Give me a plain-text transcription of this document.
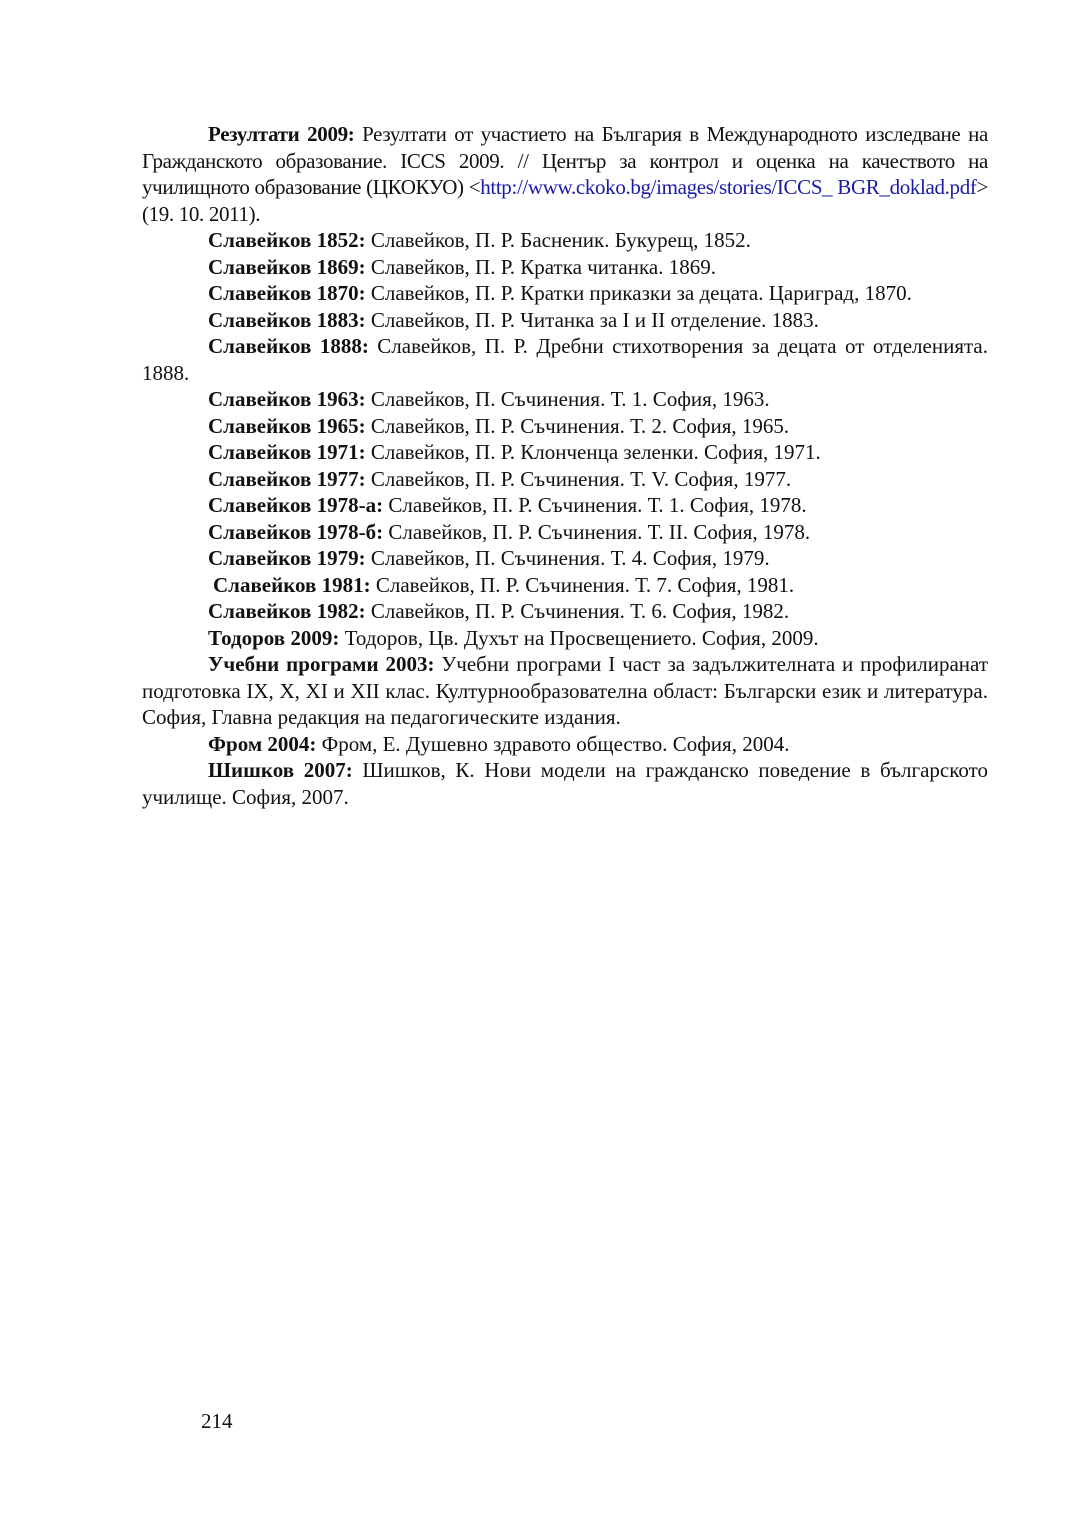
Резултати 2009: Резултати от участието на България в Международното изследване на Гражданското образование. ICCS 2009. // Център за контрол и оценка на качеството на училищното образование (ЦКОКУО) <http://www.ckoko.bg/images/stories/ICCS_ BGR_doklad.pdf> (19. 10. 2011).

Славейков 1852: Славейков, П. Р. Басненик. Букурещ, 1852.

Славейков 1869: Славейков, П. Р. Кратка читанка. 1869.

Славейков 1870: Славейков, П. Р. Кратки приказки за децата. Цариград, 1870.

Славейков 1883: Славейков, П. Р. Читанка за I и II отделение. 1883.

Славейков 1888: Славейков, П. Р. Дребни стихотворения за децата от отделенията. 1888.

Славейков 1963: Славейков, П. Съчинения. Т. 1. София, 1963.

Славейков 1965: Славейков, П. Р. Съчинения. Т. 2. София, 1965.

Славейков 1971: Славейков, П. Р. Клонченца зеленки. София, 1971.

Славейков 1977: Славейков, П. Р. Съчинения. Т. V. София, 1977.

Славейков 1978-а: Славейков, П. Р. Съчинения. Т. 1. София, 1978.

Славейков 1978-б: Славейков, П. Р. Съчинения. Т. II. София, 1978.

Славейков 1979: Славейков, П. Съчинения. Т. 4. София, 1979.

Славейков 1981: Славейков, П. Р. Съчинения. Т. 7. София, 1981.

Славейков 1982: Славейков, П. Р. Съчинения. Т. 6. София, 1982.

Тодоров 2009: Тодоров, Цв. Духът на Просвещението. София, 2009.

Учебни програми 2003: Учебни програми I част за задължителната и профилиранат подготовка IX, X, XI и XII клас. Културнообразователна област: Български език и литература. София, Главна редакция на педагогическите издания.

Фром 2004: Фром, Е. Душевно здравото общество. София, 2004.

Шишков 2007: Шишков, К. Нови модели на гражданско поведение в българското училище. София, 2007.

214
